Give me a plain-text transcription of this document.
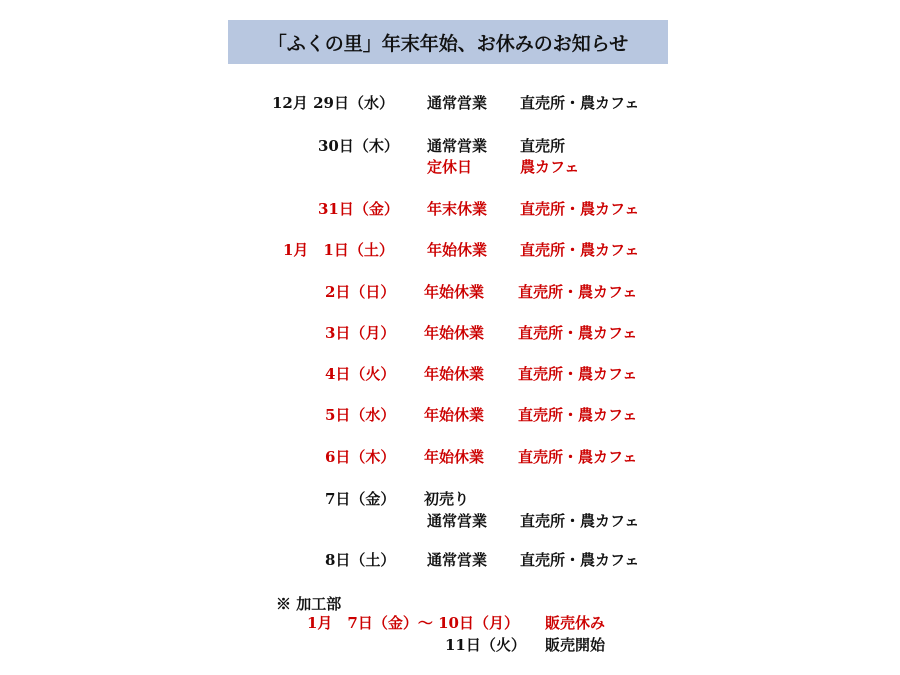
「ふくの里」年末年始、お休みのお知らせ
12月 29日（水） 通常営業 直売所・農カフェ
30日（木） 通常営業 直売所
定休日	農カフェ
31日（金） 年末休業 直売所・農カフェ
1月　1日（土） 年始休業 直売所・農カフェ
2日（日） 年始休業 直売所・農カフェ
3日（月） 年始休業 直売所・農カフェ
4日（火） 年始休業 直売所・農カフェ
5日（水） 年始休業 直売所・農カフェ
6日（木） 年始休業 直売所・農カフェ
7日（金） 初売り
通常営業 直売所・農カフェ
8日（土） 通常営業 直売所・農カフェ
※ 加工部
1月　7日（金）～ 10日（月） 販売休み
11日（火） 販売開始
